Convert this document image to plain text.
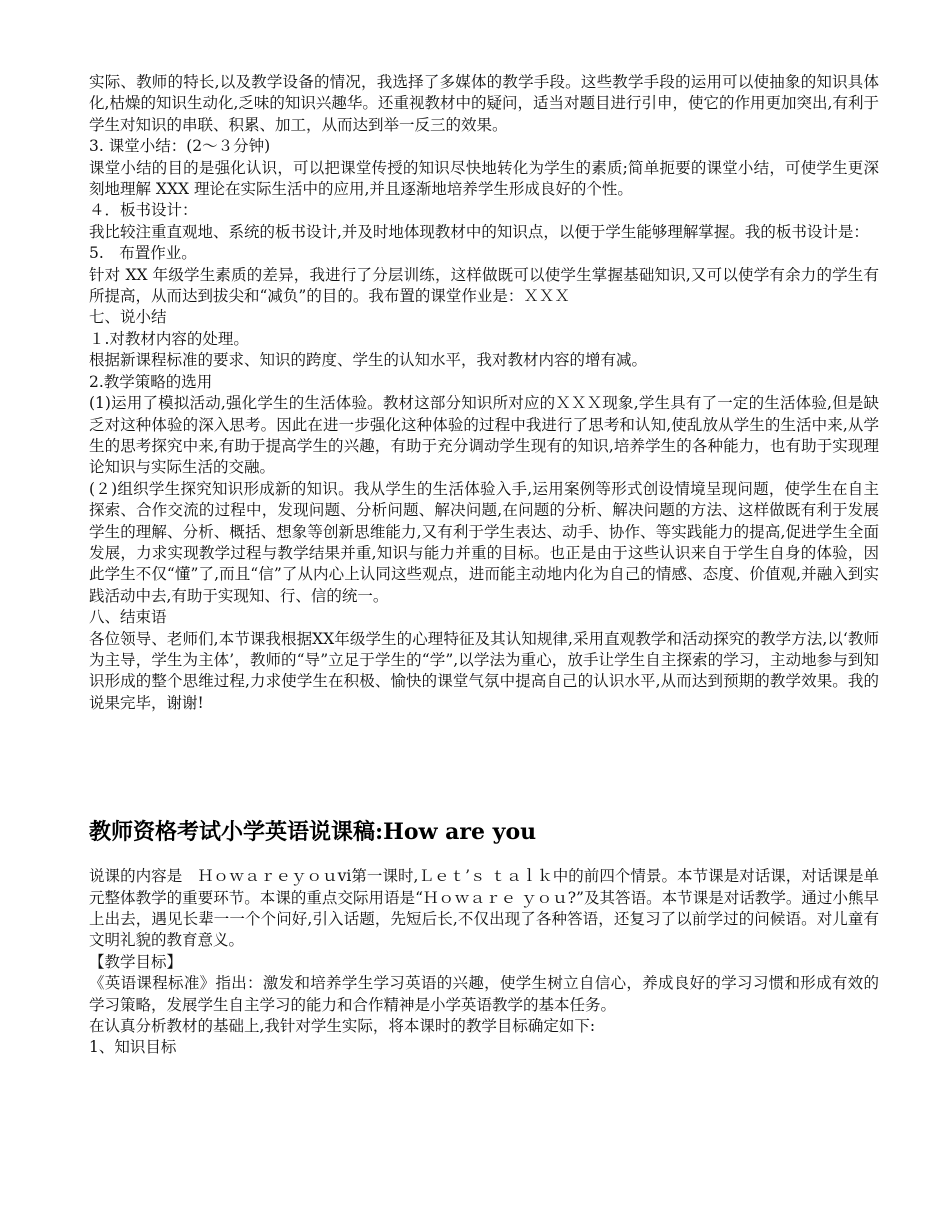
实际、教师的特长,以及教学设备的情况，我选择了多媒体的教学手段。这些教学手段的运用可以使抽象的知识具体化,枯燥的知识生动化,乏味的知识兴趣华。还重视教材中的疑问，适当对题目进行引申，使它的作用更加突出,有利于学生对知识的串联、积累、加工，从而达到举一反三的效果。

3. 课堂小结：(2～３分钟)

课堂小结的目的是强化认识，可以把课堂传授的知识尽快地转化为学生的素质;简单扼要的课堂小结，可使学生更深刻地理解 XXX 理论在实际生活中的应用,并且逐渐地培养学生形成良好的个性。

４．板书设计：

我比较注重直观地、系统的板书设计,并及时地体现教材中的知识点，以便于学生能够理解掌握。我的板书设计是：

5.　布置作业。

针对 XX 年级学生素质的差异，我进行了分层训练，这样做既可以使学生掌握基础知识,又可以使学有余力的学生有所提高，从而达到拔尖和“减负”的目的。我布置的课堂作业是：ＸＸＸ

七、说小结

１.对教材内容的处理。

根据新课程标准的要求、知识的跨度、学生的认知水平，我对教材内容的增有减。

2.教学策略的选用

(1)运用了模拟活动,强化学生的生活体验。教材这部分知识所对应的ＸＸＸ现象,学生具有了一定的生活体验,但是缺乏对这种体验的深入思考。因此在进一步强化这种体验的过程中我进行了思考和认知,使乱放从学生的生活中来,从学生的思考探究中来,有助于提高学生的兴趣，有助于充分调动学生现有的知识,培养学生的各种能力，也有助于实现理论知识与实际生活的交融。

(２)组织学生探究知识形成新的知识。我从学生的生活体验入手,运用案例等形式创设情境呈现问题，使学生在自主探索、合作交流的过程中，发现问题、分析问题、解决问题,在问题的分析、解决问题的方法、这样做既有利于发展学生的理解、分析、概括、想象等创新思维能力,又有利于学生表达、动手、协作、等实践能力的提高,促进学生全面发展，力求实现教学过程与教学结果并重,知识与能力并重的目标。也正是由于这些认识来自于学生自身的体验，因此学生不仅“懂”了,而且“信”了从内心上认同这些观点，进而能主动地内化为自己的情感、态度、价值观,并融入到实践活动中去,有助于实现知、行、信的统一。

八、结束语

各位领导、老师们,本节课我根据XX年级学生的心理特征及其认知规律,采用直观教学和活动探究的教学方法,以‘教师为主导，学生为主体’，教师的“导”立足于学生的“学”,以学法为重心，放手让学生自主探索的学习，主动地参与到知识形成的整个思维过程,力求使学生在积极、愉快的课堂气氛中提高自己的认识水平,从而达到预期的教学效果。我的说果完毕，谢谢!

教师资格考试小学英语说课稿:How are you

说课的内容是　Ｈｏｗａｒｅｙｏｕⅵ第一课时,Ｌｅｔ’ｓ ｔａｌｋ中的前四个情景。本节课是对话课，对话课是单元整体教学的重要环节。本课的重点交际用语是“Ｈｏｗａｒｅ ｙｏｕ?”及其答语。本节课是对话教学。通过小熊早上出去，遇见长辈一一个个问好,引入话题，先短后长,不仅出现了各种答语，还复习了以前学过的问候语。对儿童有文明礼貌的教育意义。

【教学目标】

《英语课程标准》指出：激发和培养学生学习英语的兴趣，使学生树立自信心，养成良好的学习习惯和形成有效的学习策略，发展学生自主学习的能力和合作精神是小学英语教学的基本任务。

在认真分析教材的基础上,我针对学生实际，将本课时的教学目标确定如下:

1、知识目标
